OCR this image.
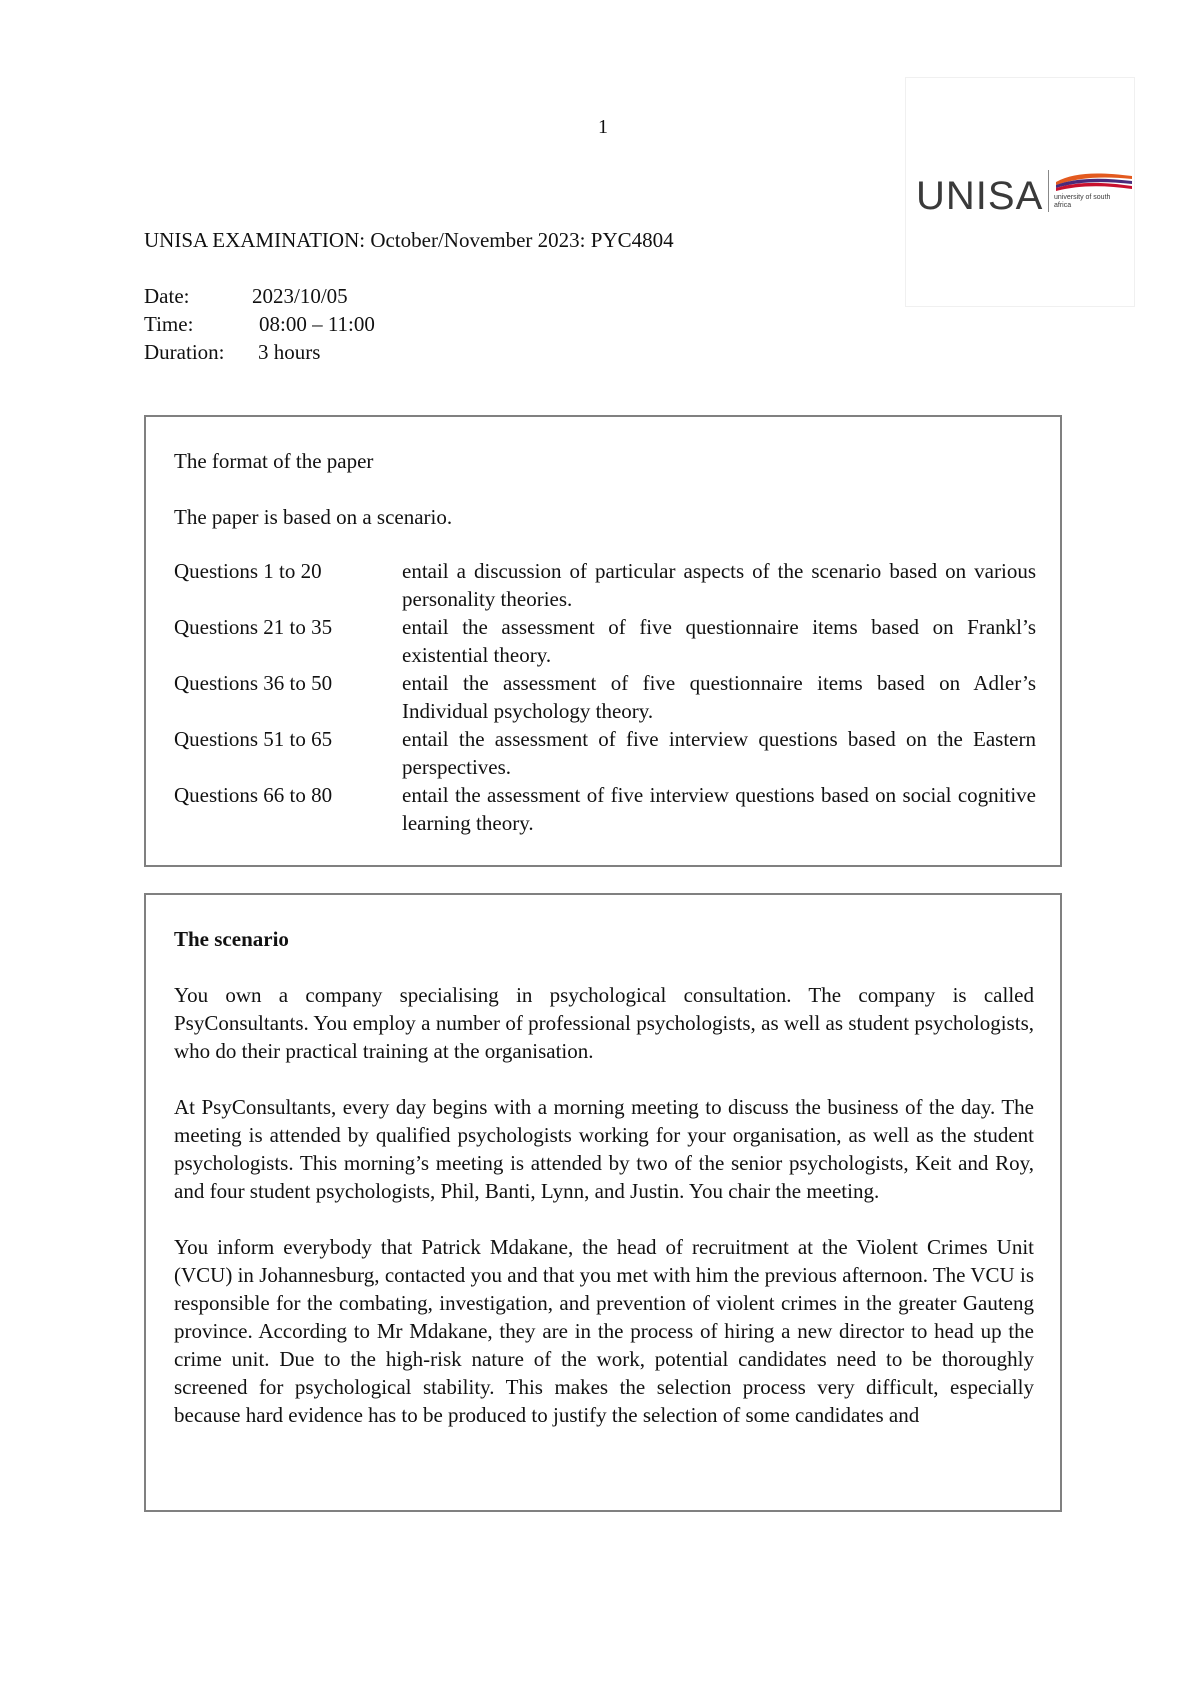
1
UNISA university of south africa
UNISA EXAMINATION: October/November 2023: PYC4804
Date:	2023/10/05
Time:	08:00 – 11:00
Duration: 3 hours
The format of the paper
The paper is based on a scenario.
Questions 1 to 20	entail a discussion of particular aspects of the scenario based on various personality theories.
Questions 21 to 35	entail the assessment of five questionnaire items based on Frankl’s existential theory.
Questions 36 to 50	entail the assessment of five questionnaire items based on Adler’s Individual psychology theory.
Questions 51 to 65	entail the assessment of five interview questions based on the Eastern perspectives.
Questions 66 to 80	entail the assessment of five interview questions based on social cognitive learning theory.
The scenario

You own a company specialising in psychological consultation. The company is called PsyConsultants. You employ a number of professional psychologists, as well as student psychologists, who do their practical training at the organisation.

At PsyConsultants, every day begins with a morning meeting to discuss the business of the day. The meeting is attended by qualified psychologists working for your organisation, as well as the student psychologists. This morning’s meeting is attended by two of the senior psychologists, Keit and Roy, and four student psychologists, Phil, Banti, Lynn, and Justin. You chair the meeting.

You inform everybody that Patrick Mdakane, the head of recruitment at the Violent Crimes Unit (VCU) in Johannesburg, contacted you and that you met with him the previous afternoon. The VCU is responsible for the combating, investigation, and prevention of violent crimes in the greater Gauteng province. According to Mr Mdakane, they are in the process of hiring a new director to head up the crime unit. Due to the high-risk nature of the work, potential candidates need to be thoroughly screened for psychological stability. This makes the selection process very difficult, especially because hard evidence has to be produced to justify the selection of some candidates and
